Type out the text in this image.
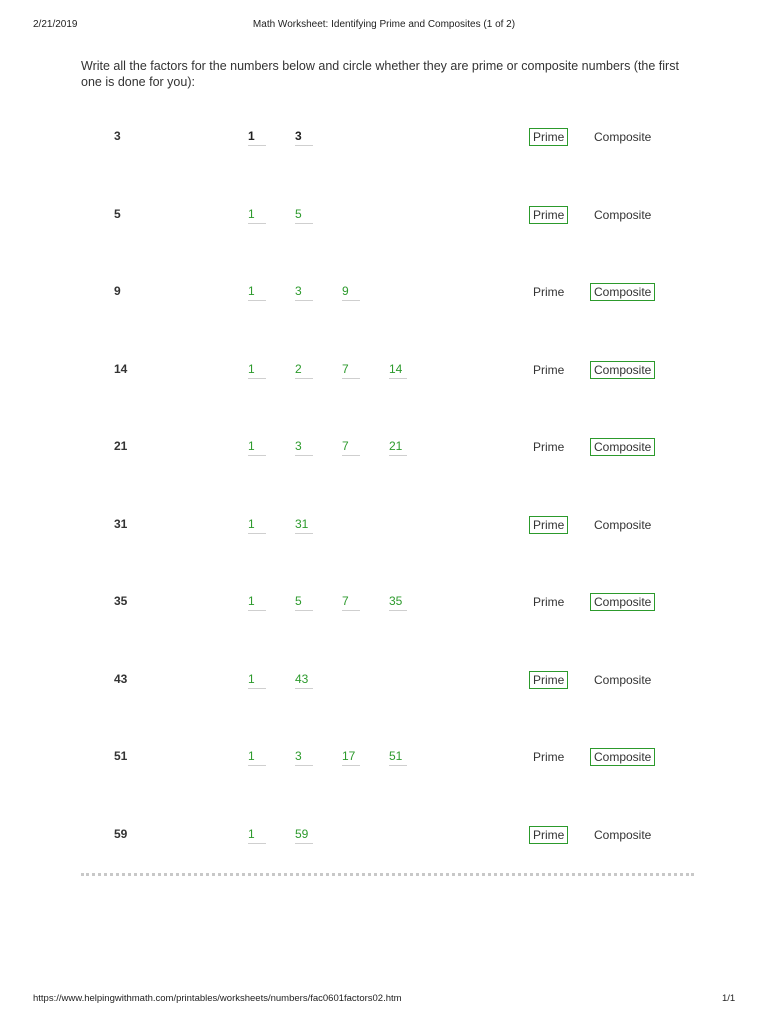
2/21/2019	Math Worksheet: Identifying Prime and Composites (1 of 2)
Write all the factors for the numbers below and circle whether they are prime or composite numbers (the first one is done for you):
3	1	3	Prime	Composite
5	1	5	Prime	Composite
9	1	3	9	Prime	Composite
14	1	2	7	14	Prime	Composite
21	1	3	7	21	Prime	Composite
31	1	31	Prime	Composite
35	1	5	7	35	Prime	Composite
43	1	43	Prime	Composite
51	1	3	17	51	Prime	Composite
59	1	59	Prime	Composite
https://www.helpingwithmath.com/printables/worksheets/numbers/fac0601factors02.htm	1/1
